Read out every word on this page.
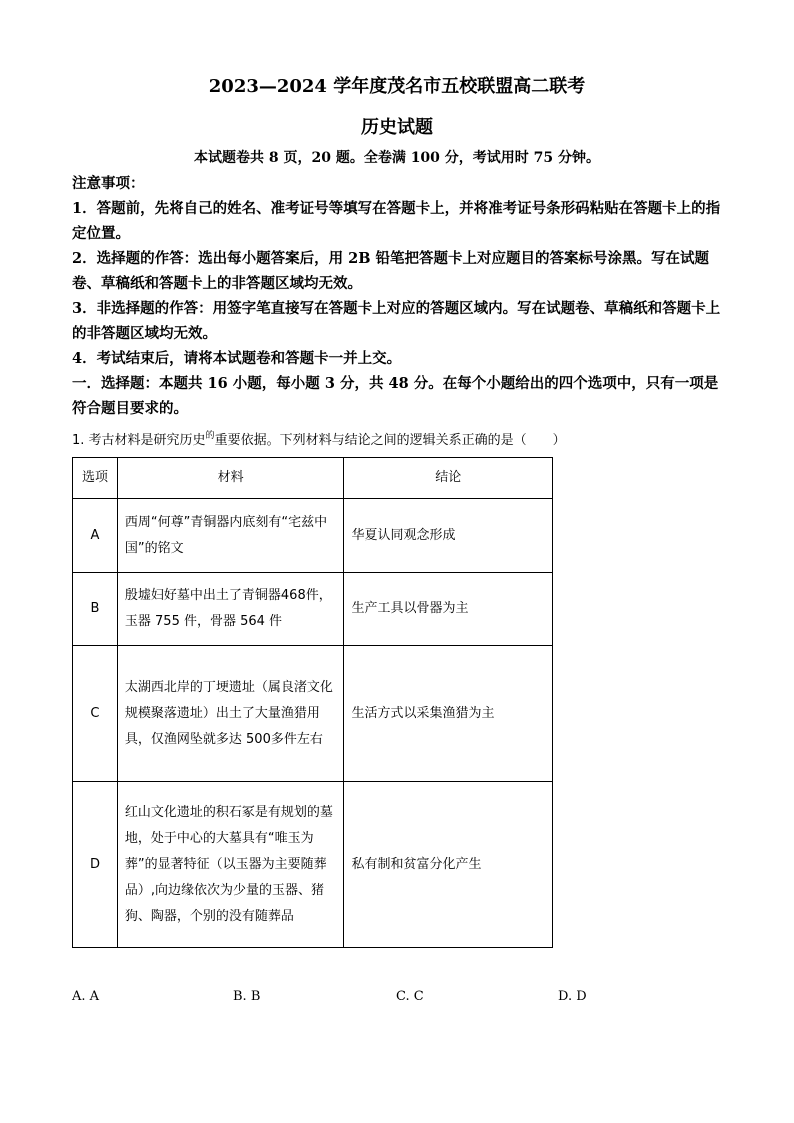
2023—2024 学年度茂名市五校联盟高二联考
历史试题
本试题卷共 8 页，20 题。全卷满 100 分，考试用时 75 分钟。

注意事项：

1．答题前，先将自己的姓名、准考证号等填写在答题卡上，并将准考证号条形码粘贴在答题卡上的指定位置。

2．选择题的作答：选出每小题答案后，用 2B 铅笔把答题卡上对应题目的答案标号涂黑。写在试题卷、草稿纸和答题卡上的非答题区域均无效。

3．非选择题的作答：用签字笔直接写在答题卡上对应的答题区域内。写在试题卷、草稿纸和答题卡上的非答题区域均无效。

4．考试结束后，请将本试题卷和答题卡一并上交。

一．选择题：本题共 16 小题，每小题 3 分，共 48 分。在每个小题给出的四个选项中，只有一项是符合题目要求的。

1. 考古材料是研究历史$^的$重要依据。下列材料与结论之间的逻辑关系正确的是（　　）
选项	材料	结论
A	西周“何尊”青铜器内底刻有“宅兹中国”的铭文	华夏认同观念形成
B	殷墟妇好墓中出土了青铜器468件，玉器 755 件，骨器 564 件	生产工具以骨器为主
C	太湖西北岸的丁埂遗址（属良渚文化规模聚落遗址）出土了大量渔猎用具，仅渔网坠就多达 500多件左右	生活方式以采集渔猎为主
D	红山文化遗址的积石冢是有规划的墓地，处于中心的大墓具有“唯玉为葬”的显著特征（以玉器为主要随葬品）,向边缘依次为少量的玉器、猪狗、陶器，个别的没有随葬品	私有制和贫富分化产生
A. A	B. B	C. C	D. D
